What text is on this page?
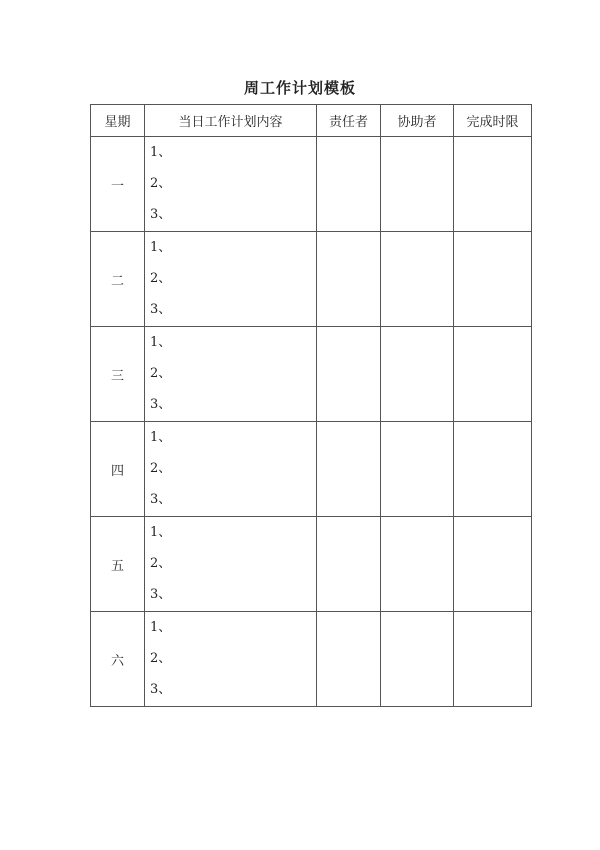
周工作计划模板
星期	当日工作计划内容	责任者	协助者	完成时限
一	1、
2、
3、			

二	1、
2、
3、			

三	1、
2、
3、			

四	1、
2、
3、			

五	1、
2、
3、			

六	1、
2、
3、			
